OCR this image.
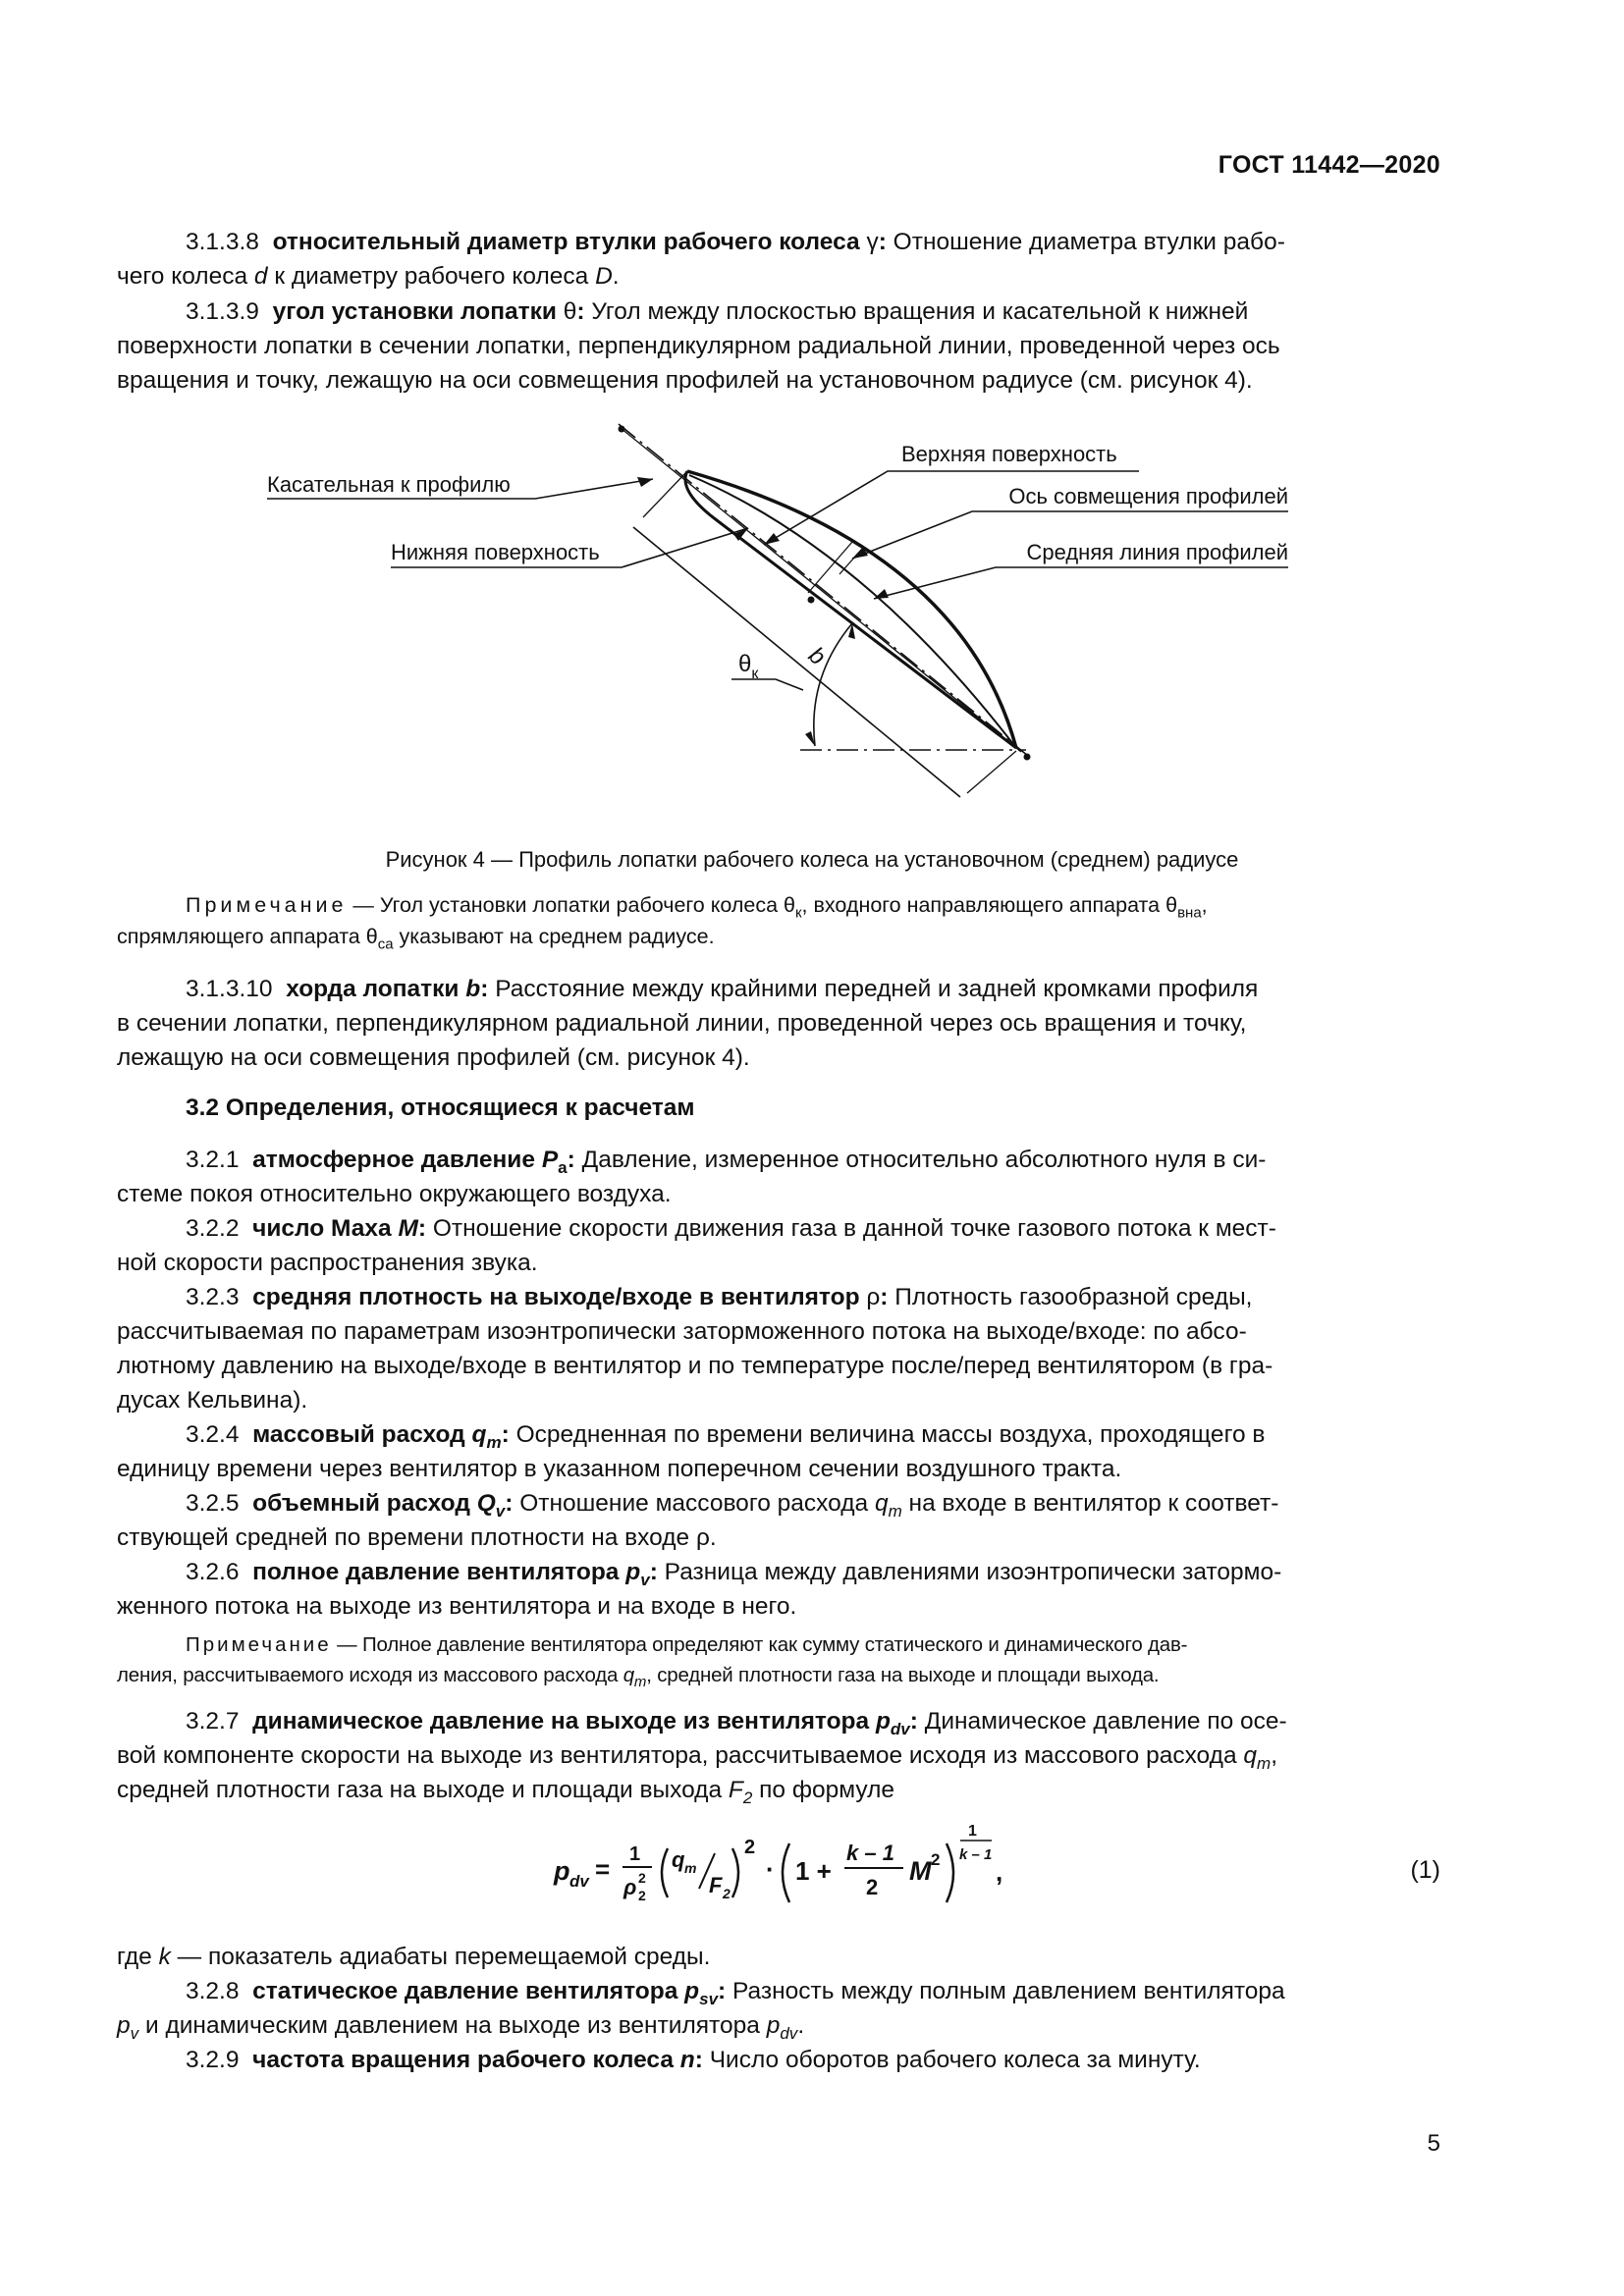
ГОСТ 11442—2020
3.1.3.8 относительный диаметр втулки рабочего колеса γ: Отношение диаметра втулки рабо-
чего колеса d к диаметру рабочего колеса D.
3.1.3.9 угол установки лопатки θ: Угол между плоскостью вращения и касательной к нижней
поверхности лопатки в сечении лопатки, перпендикулярном радиальной линии, проведенной через ось
вращения и точку, лежащую на оси совмещения профилей на установочном радиусе (см. рисунок 4).
Касательная к профилю
Верхняя поверхность
Ось совмещения профилей
Нижняя поверхность	Средняя линия профилей
$\theta_к$
b
Рисунок 4 — Профиль лопатки рабочего колеса на установочном (среднем) радиусе
Примечание — Угол установки лопатки рабочего колеса $\theta_к$, входного направляющего аппарата $\theta_{вна}$,
спрямляющего аппарата $\theta_{са}$ указывают на среднем радиусе.
3.1.3.10 хорда лопатки b: Расстояние между крайними передней и задней кромками профиля
в сечении лопатки, перпендикулярном радиальной линии, проведенной через ось вращения и точку,
лежащую на оси совмещения профилей (см. рисунок 4).
3.2 Определения, относящиеся к расчетам
3.2.1 атмосферное давление $P_a$: Давление, измеренное относительно абсолютного нуля в си-
стеме покоя относительно окружающего воздуха.
3.2.2 число Маха M: Отношение скорости движения газа в данной точке газового потока к мест-
ной скорости распространения звука.
3.2.3 средняя плотность на выходе/входе в вентилятор ρ: Плотность газообразной среды,
рассчитываемая по параметрам изоэнтропически заторможенного потока на выходе/входе: по абсо-
лютному давлению на выходе/входе в вентилятор и по температуре после/перед вентилятором (в гра-
дусах Кельвина).
3.2.4 массовый расход $q_m$: Осредненная по времени величина массы воздуха, проходящего в
единицу времени через вентилятор в указанном поперечном сечении воздушного тракта.
3.2.5 объемный расход $Q_v$: Отношение массового расхода $q_m$ на входе в вентилятор к соответ-
ствующей средней по времени плотности на входе ρ.
3.2.6 полное давление вентилятора $p_v$: Разница между давлениями изоэнтропически затормо-
женного потока на выходе из вентилятора и на входе в него.
Примечание — Полное давление вентилятора определяют как сумму статического и динамического дав-
ления, рассчитываемого исходя из массового расхода $q_m$, средней плотности газа на выходе и площади выхода.
3.2.7 динамическое давление на выходе из вентилятора $p_{dv}$: Динамическое давление по осе-
вой компоненте скорости на выходе из вентилятора, рассчитываемое исходя из массового расхода $q_m$,
средней плотности газа на выходе и площади выхода $F_2$ по формуле
p dv = 1
ρ 2
2
q m
F 2
2
· 1 +
k – 1
2
M 2
1
k – 1
,	(1)
где k — показатель адиабаты перемещаемой среды.
3.2.8 статическое давление вентилятора $p_{sv}$: Разность между полным давлением вентилятора
$p_v$ и динамическим давлением на выходе из вентилятора $p_{dv}$.
3.2.9 частота вращения рабочего колеса n: Число оборотов рабочего колеса за минуту.
5
